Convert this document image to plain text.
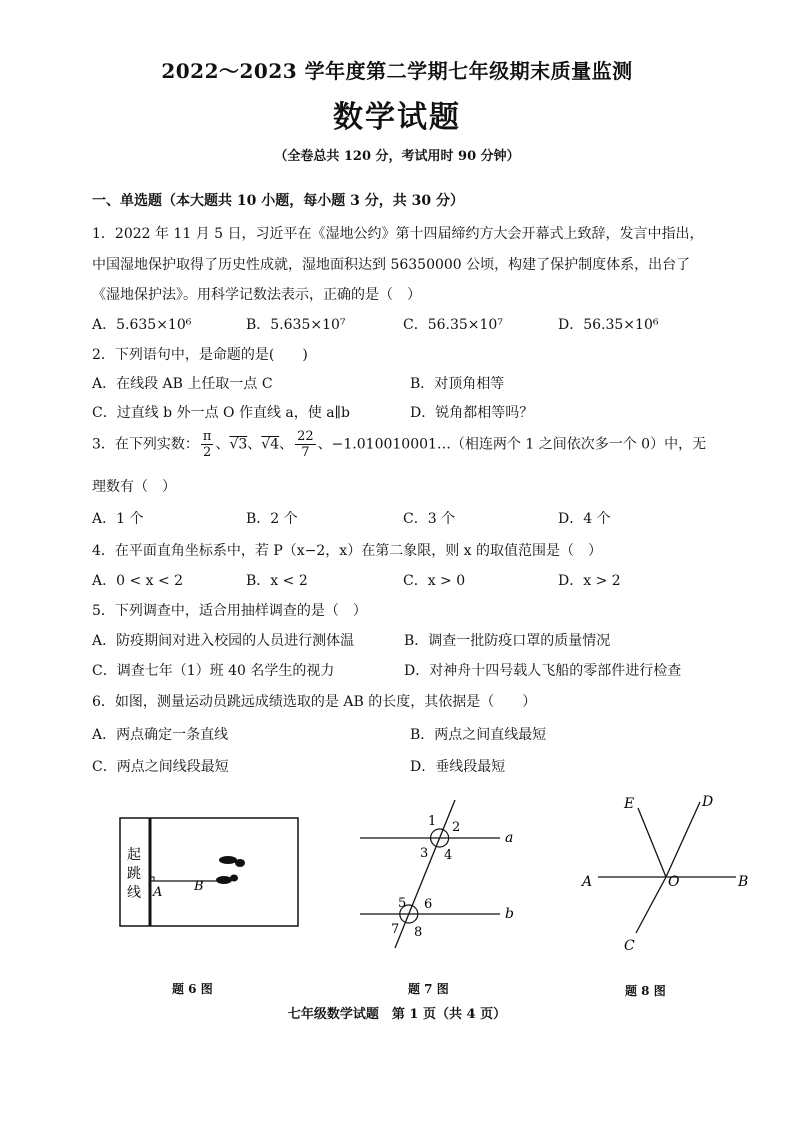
2022～2023 学年度第二学期七年级期末质量监测
数学试题
（全卷总共 120 分，考试用时 90 分钟）
一、单选题（本大题共 10 小题，每小题 3 分，共 30 分）
1．2022 年 11 月 5 日，习近平在《湿地公约》第十四届缔约方大会开幕式上致辞，发言中指出，
中国湿地保护取得了历史性成就，湿地面积达到 56350000 公顷，构建了保护制度体系，出台了
《湿地保护法》。用科学记数法表示，正确的是（　）
A．5.635×10⁶	B．5.635×10⁷	C．56.35×10⁷	D．56.35×10⁶
2．下列语句中，是命题的是(　　)
A．在线段 AB 上任取一点 C	B．对顶角相等
C．过直线 b 外一点 O 作直线 a，使 a∥b	D．锐角都相等吗？
3．在下列实数： $\frac{\pi}{2}$ 、√3、√4、 $\frac{22}{7}$ 、−1.010010001…（相连两个 1 之间依次多一个 0）中，无
理数有（　）
A．1 个	B．2 个	C．3 个	D．4 个
4．在平面直角坐标系中，若 P（x−2，x）在第二象限，则 x 的取值范围是（　）
A．0 < x < 2	B．x < 2	C．x > 0	D．x > 2
5．下列调查中，适合用抽样调查的是（　）
A．防疫期间对进入校园的人员进行测体温	B．调查一批防疫口罩的质量情况
C．调查七年（1）班 40 名学生的视力	D．对神舟十四号载人飞船的零部件进行检查
6．如图，测量运动员跳远成绩选取的是 AB 的长度，其依据是（　　）
A．两点确定一条直线	B．两点之间直线最短
C．两点之间线段最短	D．垂线段最短
起
跳
线 A B
题 6 图
1 2
3 4
5 6
7 8
a
b
题 7 图
A	B
C
D
E
O
题 8 图
七年级数学试题　第 1 页（共 4 页）
